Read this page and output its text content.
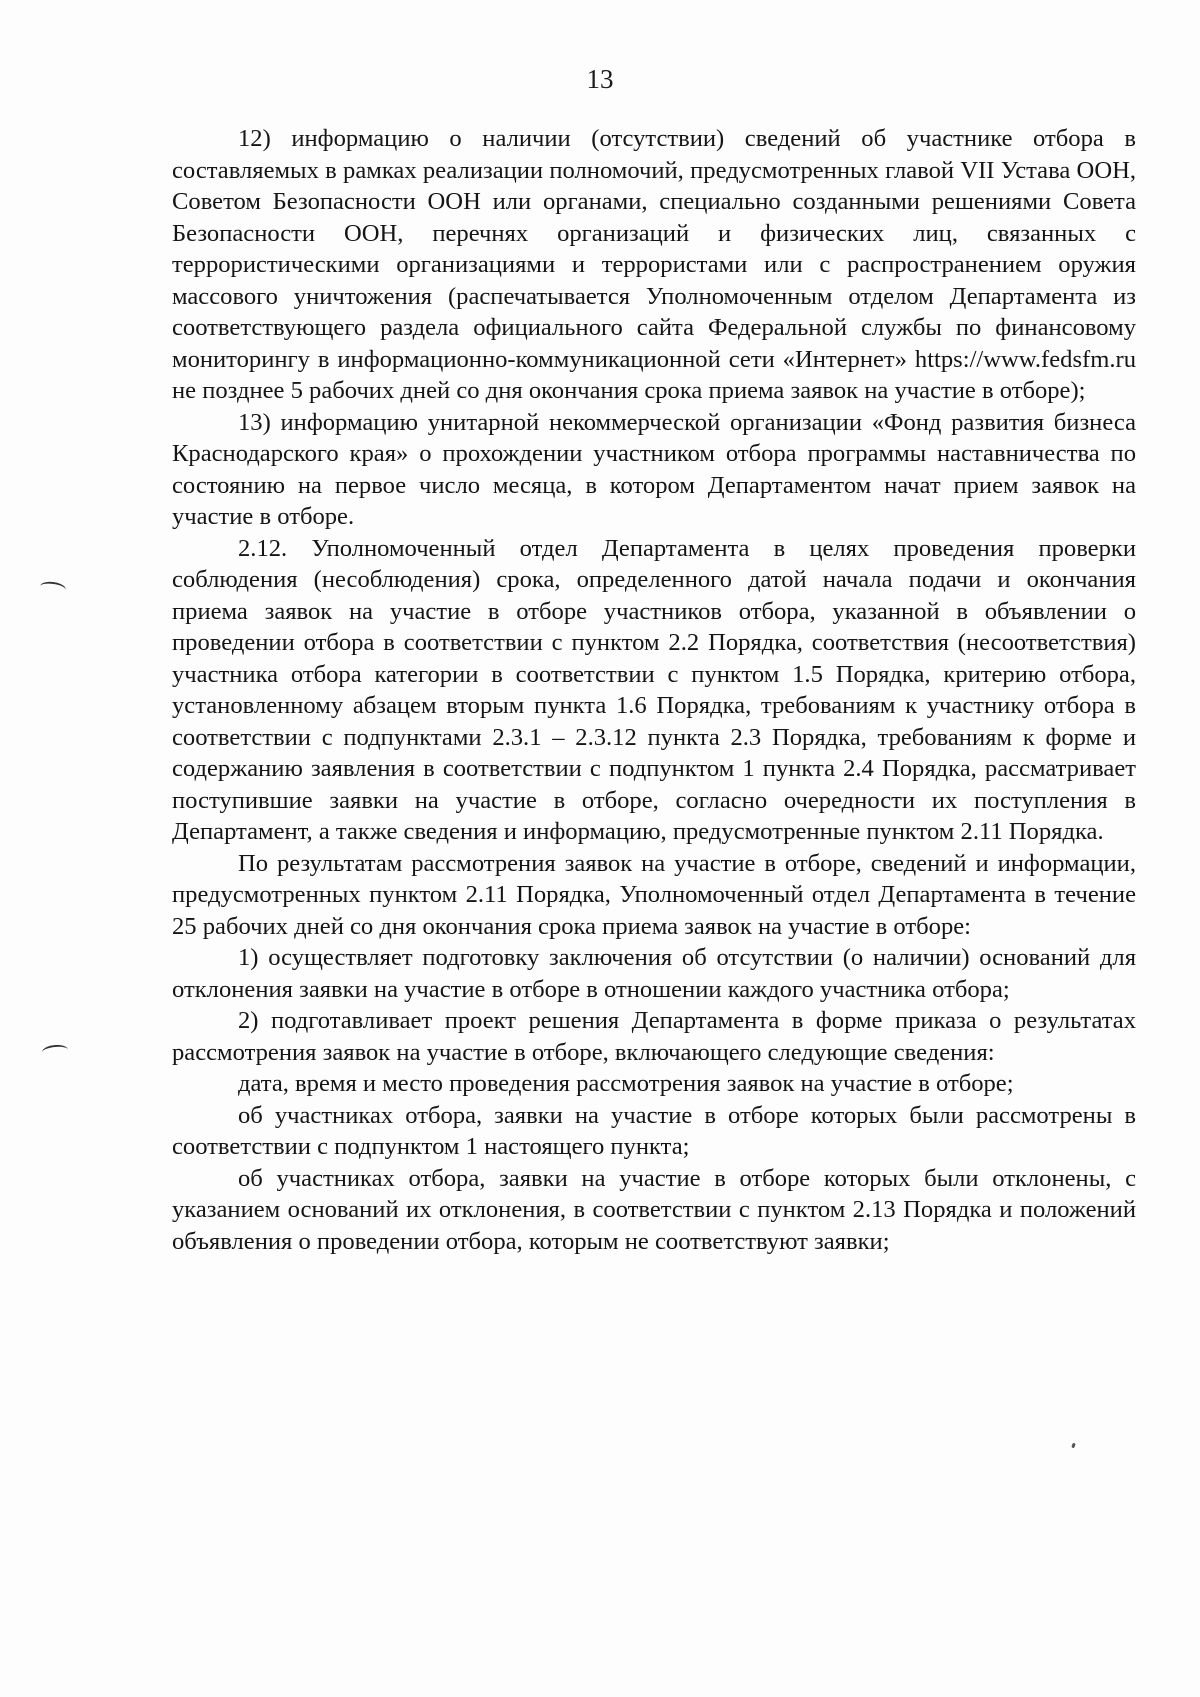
13

12) информацию о наличии (отсутствии) сведений об участнике отбора в составляемых в рамках реализации полномочий, предусмотренных главой VII Устава ООН, Советом Безопасности ООН или органами, специально созданными решениями Совета Безопасности ООН, перечнях организаций и физических лиц, связанных с террористическими организациями и террористами или с распространением оружия массового уничтожения (распечатывается Уполномоченным отделом Департамента из соответствующего раздела официального сайта Федеральной службы по финансовому мониторингу в информационно-коммуникационной сети «Интернет» https://www.fedsfm.ru не позднее 5 рабочих дней со дня окончания срока приема заявок на участие в отборе);

13) информацию унитарной некоммерческой организации «Фонд развития бизнеса Краснодарского края» о прохождении участником отбора программы наставничества по состоянию на первое число месяца, в котором Департаментом начат прием заявок на участие в отборе.

2.12. Уполномоченный отдел Департамента в целях проведения проверки соблюдения (несоблюдения) срока, определенного датой начала подачи и окончания приема заявок на участие в отборе участников отбора, указанной в объявлении о проведении отбора в соответствии с пунктом 2.2 Порядка, соответствия (несоответствия) участника отбора категории в соответствии с пунктом 1.5 Порядка, критерию отбора, установленному абзацем вторым пункта 1.6 Порядка, требованиям к участнику отбора в соответствии с подпунктами 2.3.1 – 2.3.12 пункта 2.3 Порядка, требованиям к форме и содержанию заявления в соответствии с подпунктом 1 пункта 2.4 Порядка, рассматривает поступившие заявки на участие в отборе, согласно очередности их поступления в Департамент, а также сведения и информацию, предусмотренные пунктом 2.11 Порядка.

По результатам рассмотрения заявок на участие в отборе, сведений и информации, предусмотренных пунктом 2.11 Порядка, Уполномоченный отдел Департамента в течение 25 рабочих дней со дня окончания срока приема заявок на участие в отборе:

1) осуществляет подготовку заключения об отсутствии (о наличии) оснований для отклонения заявки на участие в отборе в отношении каждого участника отбора;

2) подготавливает проект решения Департамента в форме приказа о результатах рассмотрения заявок на участие в отборе, включающего следующие сведения:

дата, время и место проведения рассмотрения заявок на участие в отборе;

об участниках отбора, заявки на участие в отборе которых были рассмотрены в соответствии с подпунктом 1 настоящего пункта;

об участниках отбора, заявки на участие в отборе которых были отклонены, с указанием оснований их отклонения, в соответствии с пунктом 2.13 Порядка и положений объявления о проведении отбора, которым не соответствуют заявки;
